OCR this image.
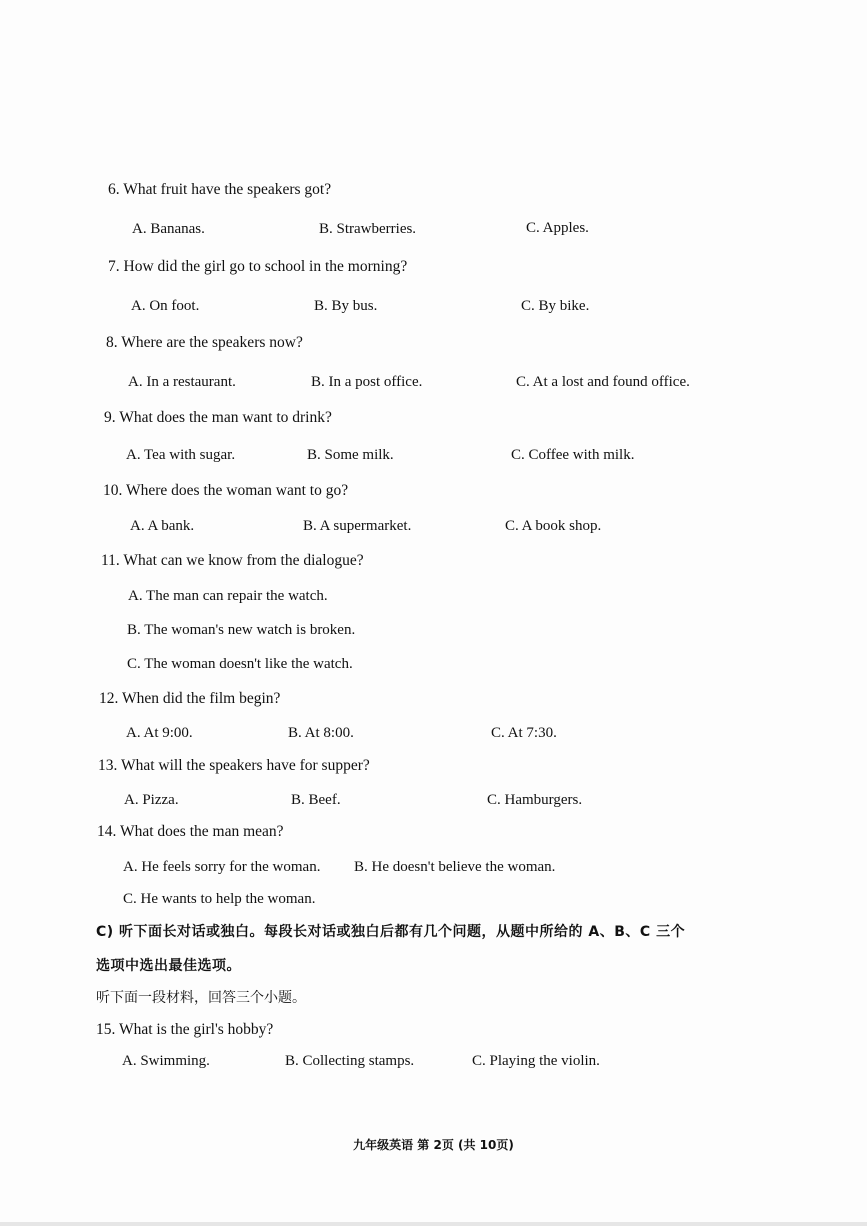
6. What fruit have the speakers got?
A. Bananas.	B. Strawberries.	C. Apples.
7. How did the girl go to school in the morning?
A. On foot.	B. By bus.	C. By bike.
8. Where are the speakers now?
A. In a restaurant.	B. In a post office.	C. At a lost and found office.
9. What does the man want to drink?
A. Tea with sugar.	B. Some milk.	C. Coffee with milk.
10. Where does the woman want to go?
A. A bank.	B. A supermarket.	C. A book shop.
11. What can we know from the dialogue?
A. The man can repair the watch.
B. The woman's new watch is broken.
C. The woman doesn't like the watch.
12. When did the film begin?
A. At 9:00.	B. At 8:00.	C. At 7:30.
13. What will the speakers have for supper?
A. Pizza.	B. Beef.	C. Hamburgers.
14. What does the man mean?
A. He feels sorry for the woman. B. He doesn't believe the woman.
C. He wants to help the woman.
C) 听下面长对话或独白。每段长对话或独白后都有几个问题，从题中所给的 A、B、C 三个
选项中选出最佳选项。
听下面一段材料，回答三个小题。
15. What is the girl's hobby?
A. Swimming.	B. Collecting stamps.	C. Playing the violin.
九年级英语 第 2页 (共 10页)
